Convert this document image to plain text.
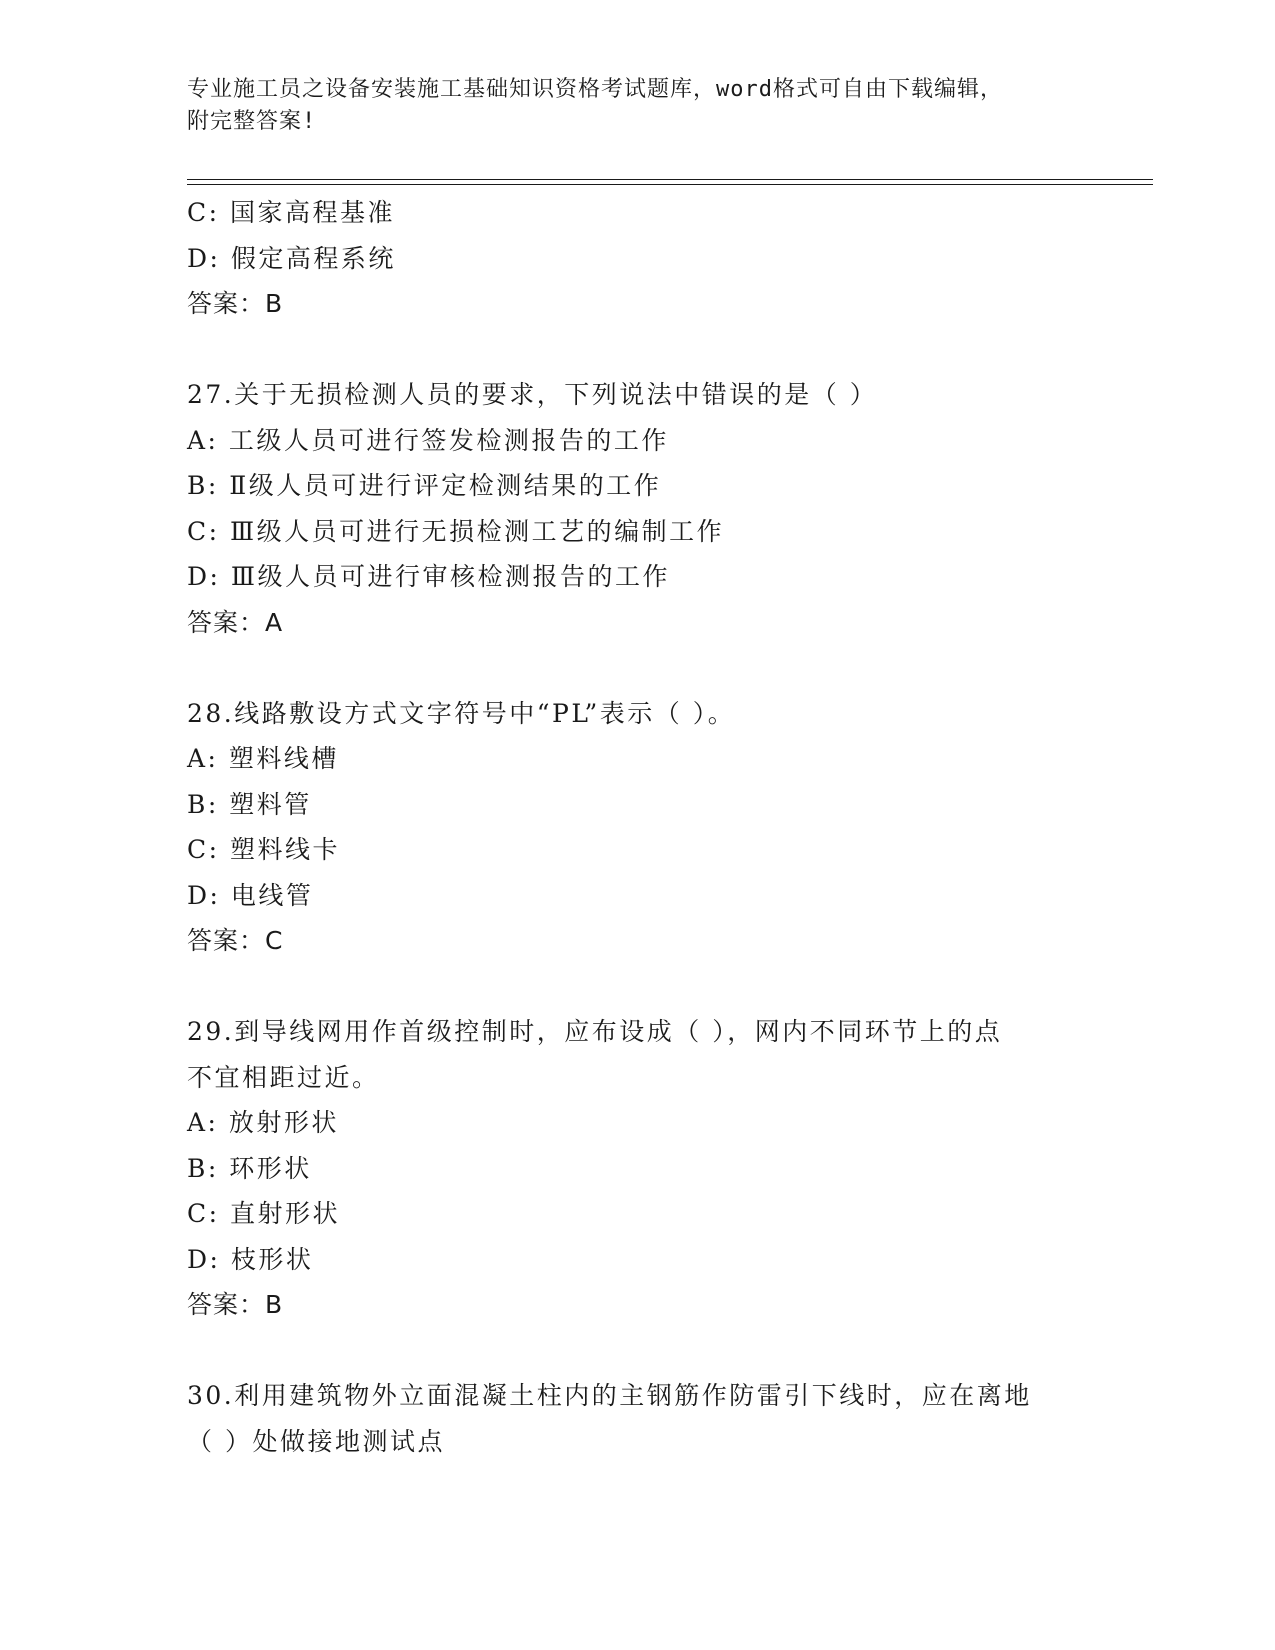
专业施工员之设备安装施工基础知识资格考试题库，word格式可自由下载编辑，
附完整答案!
C: 国家高程基准
D: 假定高程系统
答案：B
27.关于无损检测人员的要求，下列说法中错误的是（ ）
A: 工级人员可进行签发检测报告的工作
B: Ⅱ级人员可进行评定检测结果的工作
C: Ⅲ级人员可进行无损检测工艺的编制工作
D: Ⅲ级人员可进行审核检测报告的工作
答案：A
28.线路敷设方式文字符号中“PL”表示（ ）。
A: 塑料线槽
B: 塑料管
C: 塑料线卡
D: 电线管
答案：C
29.到导线网用作首级控制时，应布设成（ ），网内不同环节上的点
不宜相距过近。
A: 放射形状
B: 环形状
C: 直射形状
D: 枝形状
答案：B
30.利用建筑物外立面混凝土柱内的主钢筋作防雷引下线时，应在离地
（ ）处做接地测试点
